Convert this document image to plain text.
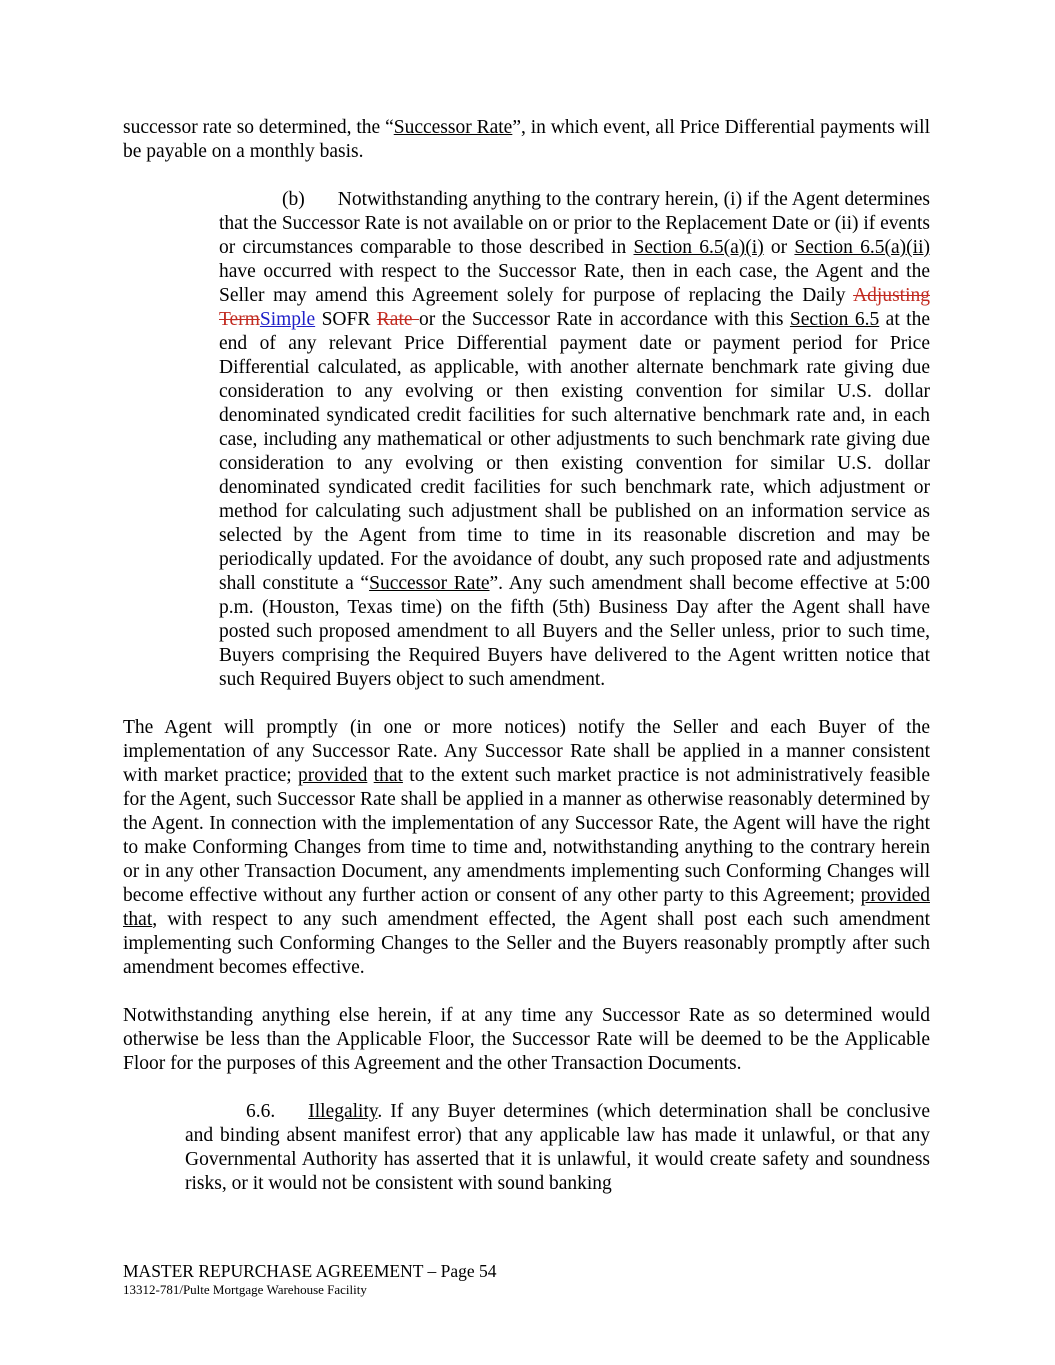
successor rate so determined, the “Successor Rate”, in which event, all Price Differential payments will be payable on a monthly basis.

(b) Notwithstanding anything to the contrary herein, (i) if the Agent determines that the Successor Rate is not available on or prior to the Replacement Date or (ii) if events or circumstances comparable to those described in Section 6.5(a)(i) or Section 6.5(a)(ii) have occurred with respect to the Successor Rate, then in each case, the Agent and the Seller may amend this Agreement solely for purpose of replacing the Daily Adjusting TermSimple SOFR Rate or the Successor Rate in accordance with this Section 6.5 at the end of any relevant Price Differential payment date or payment period for Price Differential calculated, as applicable, with another alternate benchmark rate giving due consideration to any evolving or then existing convention for similar U.S. dollar denominated syndicated credit facilities for such alternative benchmark rate and, in each case, including any mathematical or other adjustments to such benchmark rate giving due consideration to any evolving or then existing convention for similar U.S. dollar denominated syndicated credit facilities for such benchmark rate, which adjustment or method for calculating such adjustment shall be published on an information service as selected by the Agent from time to time in its reasonable discretion and may be periodically updated. For the avoidance of doubt, any such proposed rate and adjustments shall constitute a “Successor Rate”. Any such amendment shall become effective at 5:00 p.m. (Houston, Texas time) on the fifth (5th) Business Day after the Agent shall have posted such proposed amendment to all Buyers and the Seller unless, prior to such time, Buyers comprising the Required Buyers have delivered to the Agent written notice that such Required Buyers object to such amendment.

The Agent will promptly (in one or more notices) notify the Seller and each Buyer of the implementation of any Successor Rate. Any Successor Rate shall be applied in a manner consistent with market practice; provided that to the extent such market practice is not administratively feasible for the Agent, such Successor Rate shall be applied in a manner as otherwise reasonably determined by the Agent. In connection with the implementation of any Successor Rate, the Agent will have the right to make Conforming Changes from time to time and, notwithstanding anything to the contrary herein or in any other Transaction Document, any amendments implementing such Conforming Changes will become effective without any further action or consent of any other party to this Agreement; provided that, with respect to any such amendment effected, the Agent shall post each such amendment implementing such Conforming Changes to the Seller and the Buyers reasonably promptly after such amendment becomes effective.

Notwithstanding anything else herein, if at any time any Successor Rate as so determined would otherwise be less than the Applicable Floor, the Successor Rate will be deemed to be the Applicable Floor for the purposes of this Agreement and the other Transaction Documents.

6.6. Illegality. If any Buyer determines (which determination shall be conclusive and binding absent manifest error) that any applicable law has made it unlawful, or that any Governmental Authority has asserted that it is unlawful, it would create safety and soundness risks, or it would not be consistent with sound banking

MASTER REPURCHASE AGREEMENT – Page 54
13312-781/Pulte Mortgage Warehouse Facility
